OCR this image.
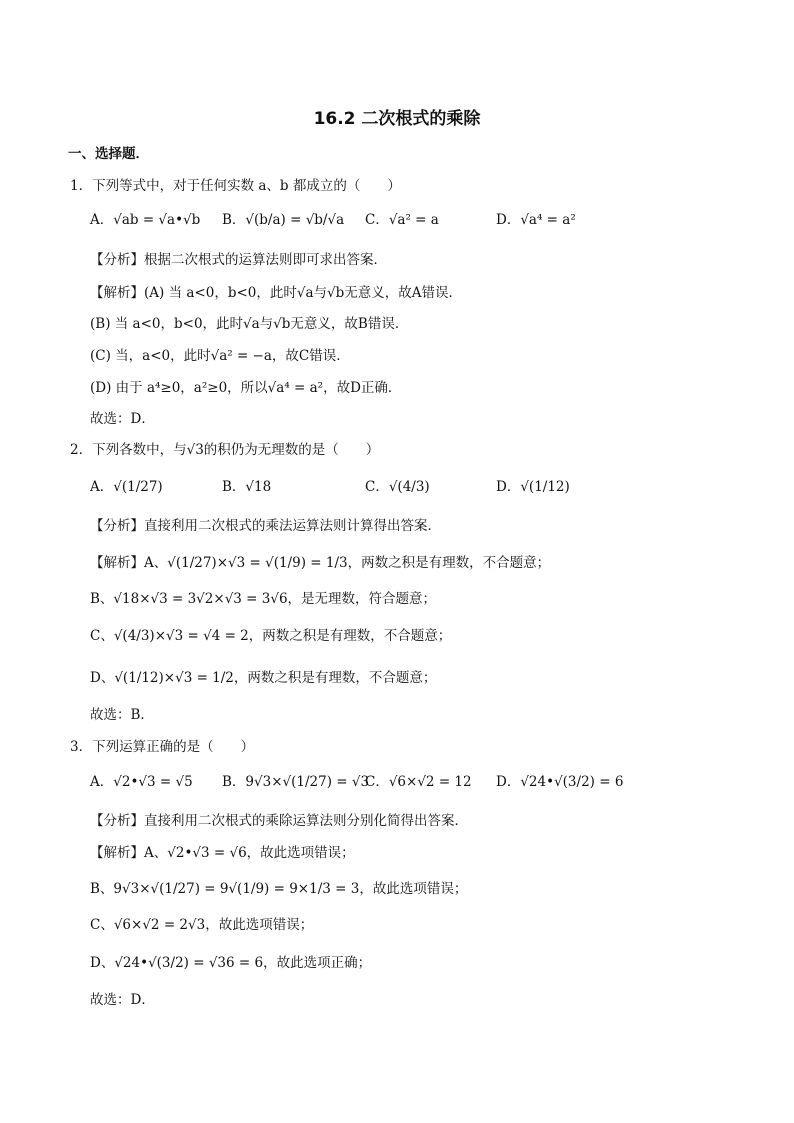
16.2 二次根式的乘除
一、选择题．
1．下列等式中，对于任何实数 a、b 都成立的（　　）
A．√ab = √a•√b B．√(b/a) = √b/√a C．√a² = a	D．√a⁴ = a²
【分析】根据二次根式的运算法则即可求出答案．
【解析】(A) 当 a<0，b<0，此时√a与√b无意义，故A错误．
(B) 当 a<0，b<0，此时√a与√b无意义，故B错误．
(C) 当，a<0，此时√a² = −a，故C错误．
(D) 由于 a⁴≥0，a²≥0，所以√a⁴ = a²，故D正确．
故选：D．
2．下列各数中，与√3的积仍为无理数的是（　　）
A．√(1/27)	B．√18	C．√(4/3)	D．√(1/12)
【分析】直接利用二次根式的乘法运算法则计算得出答案．
【解析】A、√(1/27)×√3 = √(1/9) = 1/3，两数之积是有理数，不合题意；
B、√18×√3 = 3√2×√3 = 3√6，是无理数，符合题意；
C、√(4/3)×√3 = √4 = 2，两数之积是有理数，不合题意；
D、√(1/12)×√3 = 1/2，两数之积是有理数，不合题意；
故选：B．
3．下列运算正确的是（　　）
A．√2•√3 = √5 B．9√3×√(1/27) = √3
C．√6×√2 = 12 D．√24•√(3/2) = 6
【分析】直接利用二次根式的乘除运算法则分别化简得出答案．
【解析】A、√2•√3 = √6，故此选项错误；
B、9√3×√(1/27) = 9√(1/9) = 9×1/3 = 3，故此选项错误；
C、√6×√2 = 2√3，故此选项错误；
D、√24•√(3/2) = √36 = 6，故此选项正确；
故选：D．
